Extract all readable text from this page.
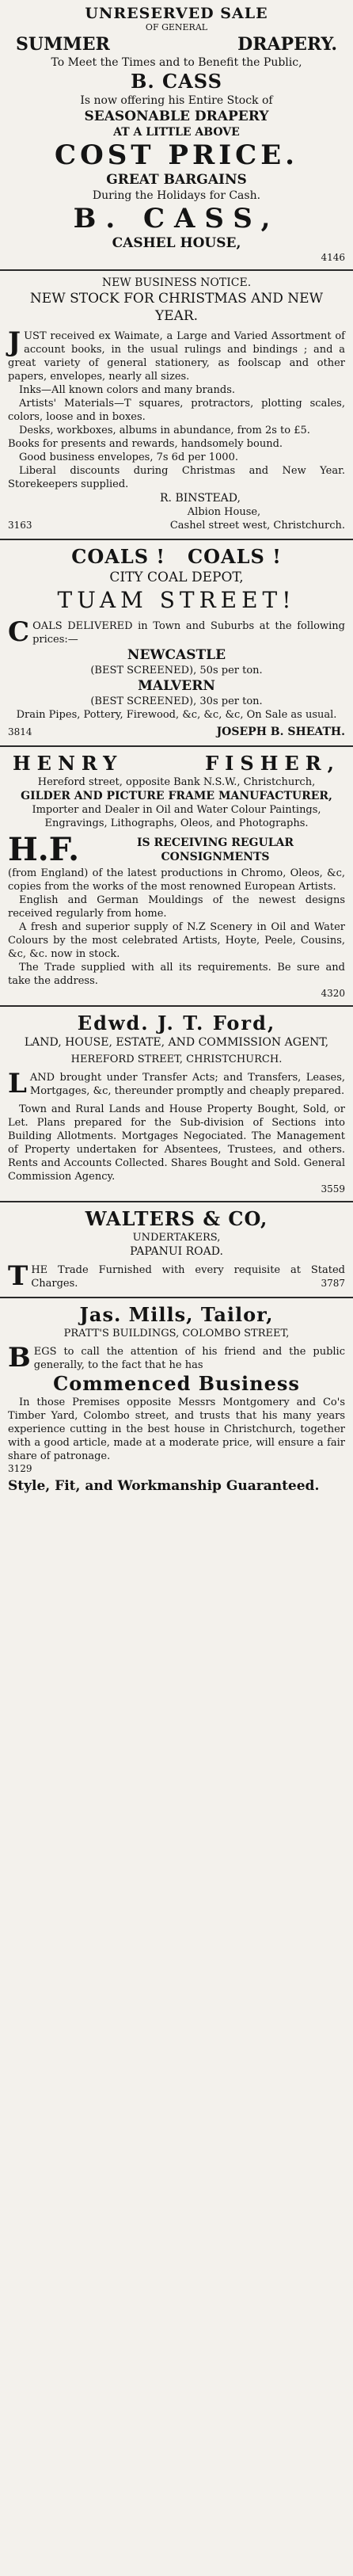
UNRESERVED SALE
OF GENERAL
SUMMER	DRAPERY.
To Meet the Times and to Benefit the Public,
B. CASS
Is now offering his Entire Stock of
SEASONABLE DRAPERY
AT A LITTLE ABOVE
COST PRICE.
GREAT BARGAINS
During the Holidays for Cash.
B. CASS,
CASHEL HOUSE,
4146
NEW BUSINESS NOTICE.
NEW STOCK FOR CHRISTMAS AND NEW YEAR.

J UST received ex Waimate, a Large and Varied Assortment of account books, in the usual rulings and bindings ; and a great variety of general stationery, as foolscap and other papers, envelopes, nearly all sizes.

Inks—All known colors and many brands.

Artists' Materials—T squares, protractors, plotting scales, colors, loose and in boxes.

Desks, workboxes, albums in abundance, from 2s to £5.

Books for presents and rewards, handsomely bound.

Good business envelopes, 7s 6d per 1000.

Liberal discounts during Christmas and New Year. Storekeepers supplied.

R. BINSTEAD,
Albion House,
3163	Cashel street west, Christchurch.
COALS !   COALS !
CITY COAL DEPOT,
TUAM STREET!

C OALS DELIVERED in Town and Suburbs at the following prices:—

NEWCASTLE
(BEST SCREENED), 50s per ton.
MALVERN
(BEST SCREENED), 30s per ton.

Drain Pipes, Pottery, Firewood, &c, &c, &c, On Sale as usual.

3814	JOSEPH B. SHEATH.
HENRY	FISHER,
Hereford street, opposite Bank N.S.W., Christchurch,
GILDER AND PICTURE FRAME MANUFACTURER,
Importer and Dealer in Oil and Water Colour Paintings,
Engravings, Lithographs, Oleos, and Photographs.
H.F.	IS RECEIVING REGULAR CONSIGNMENTS

(from England) of the latest productions in Chromo, Oleos, &c, copies from the works of the most renowned European Artists.

English and German Mouldings of the newest designs received regularly from home.

A fresh and superior supply of N.Z Scenery in Oil and Water Colours by the most celebrated Artists, Hoyte, Peele, Cousins, &c, &c. now in stock.

The Trade supplied with all its requirements. Be sure and take the address.

4320
Edwd. J. T. Ford,
LAND, HOUSE, ESTATE, AND COMMISSION AGENT,
HEREFORD STREET, CHRISTCHURCH.

L AND brought under Transfer Acts; and Transfers, Leases, Mortgages, &c, thereunder promptly and cheaply prepared.

Town and Rural Lands and House Property Bought, Sold, or Let. Plans prepared for the Sub-division of Sections into Building Allotments. Mortgages Negociated. The Management of Property undertaken for Absentees, Trustees, and others. Rents and Accounts Collected. Shares Bought and Sold. General Commission Agency.

3559
WALTERS & CO,
UNDERTAKERS,
PAPANUI ROAD.

T HE Trade Furnished with every requisite at Stated Charges.	3787

Jas. Mills, Tailor,
PRATT'S BUILDINGS, COLOMBO STREET,

B EGS to call the attention of his friend and the public generally, to the fact that he has

Commenced Business

In those Premises opposite Messrs Montgomery and Co's Timber Yard, Colombo street, and trusts that his many years experience cutting in the best house in Christchurch, together with a good article, made at a moderate price, will ensure a fair share of patronage.

3129
Style, Fit, and Workmanship Guaranteed.
